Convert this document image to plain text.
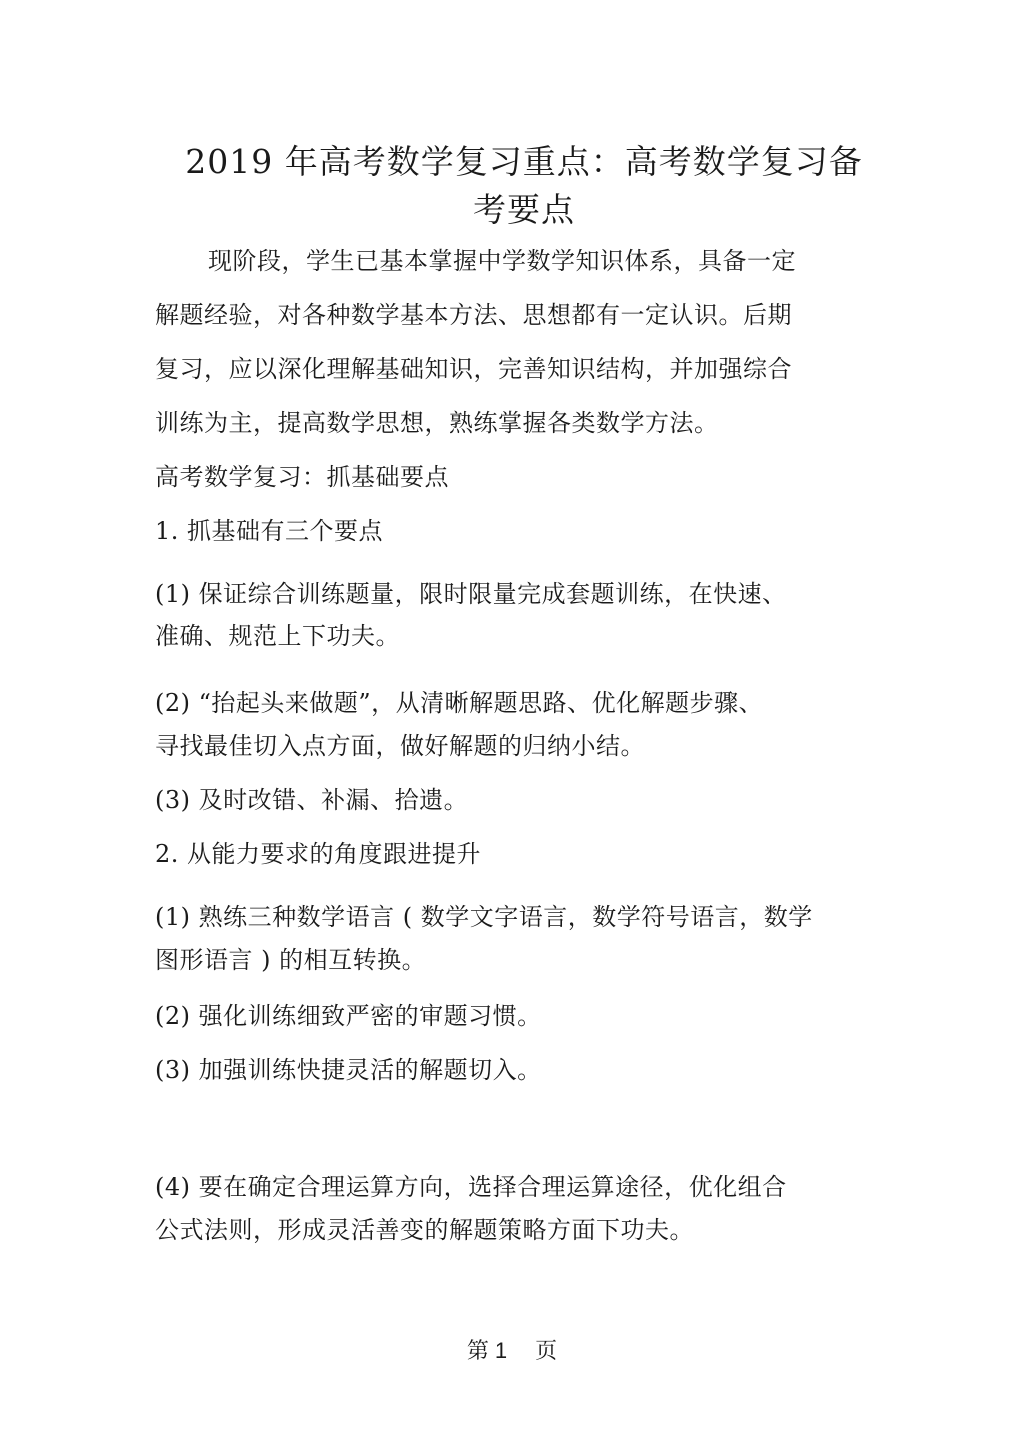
2019 年高考数学复习重点：高考数学复习备
考要点
现阶段，学生已基本掌握中学数学知识体系，具备一定
解题经验，对各种数学基本方法、思想都有一定认识。后期
复习，应以深化理解基础知识，完善知识结构，并加强综合
训练为主，提高数学思想，熟练掌握各类数学方法。
高考数学复习：抓基础要点
1. 抓基础有三个要点
(1) 保证综合训练题量，限时限量完成套题训练，在快速、
准确、规范上下功夫。
(2) “抬起头来做题”，从清晰解题思路、优化解题步骤、
寻找最佳切入点方面，做好解题的归纳小结。
(3) 及时改错、补漏、拾遗。
2. 从能力要求的角度跟进提升
(1) 熟练三种数学语言 ( 数学文字语言，数学符号语言，数学
图形语言 ) 的相互转换。
(2) 强化训练细致严密的审题习惯。
(3) 加强训练快捷灵活的解题切入。
(4) 要在确定合理运算方向，选择合理运算途径，优化组合
公式法则，形成灵活善变的解题策略方面下功夫。
第 1 页
